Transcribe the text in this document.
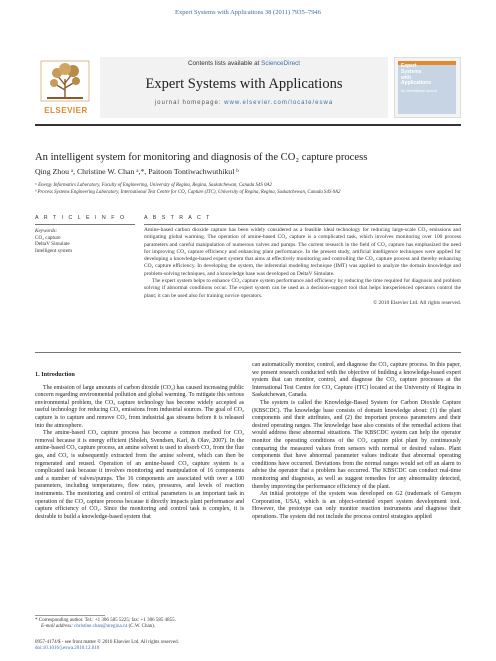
Expert Systems with Applications 38 (2011) 7935–7946
ELSEVIER
Contents lists available at ScienceDirect
Expert Systems with Applications
journal homepage: www.elsevier.com/locate/eswa
Expert
Systems
with
Applications
An International Journal
An intelligent system for monitoring and diagnosis of the CO₂ capture process
Qing Zhou ᵃ, Christine W. Chan ᵃ,*, Paitoon Tontiwachwuthikul ᵇ
ᵃ Energy Informatics Laboratory, Faculty of Engineering, University of Regina, Regina, Saskatchewan, Canada S4S 0A2
ᵇ Process Systems Engineering Laboratory, International Test Centre for CO₂ Capture (ITC), University of Regina, Regina, Saskatchewan, Canada S4S 0A2
A R T I C L E I N F O
Keywords:
CO₂ capture
DeltaV Simulate
Intelligent system
A B S T R A C T

Amine-based carbon dioxide capture has been widely considered as a feasible ideal technology for reducing large-scale CO₂ emissions and mitigating global warming. The operation of amine-based CO₂ capture is a complicated task, which involves monitoring over 100 process parameters and careful manipulation of numerous valves and pumps. The current research in the field of CO₂ capture has emphasized the need for improving CO₂ capture efficiency and enhancing plant performance. In the present study, artificial intelligence techniques were applied for developing a knowledge-based expert system that aims at effectively monitoring and controlling the CO₂ capture process and thereby enhancing CO₂ capture efficiency. In developing the system, the inferential modeling technique (IMT) was applied to analyze the domain knowledge and problem-solving techniques, and a knowledge base was developed on DeltaV Simulate.

The expert system helps to enhance CO₂ capture system performance and efficiency by reducing the time required for diagnosis and problem solving if abnormal conditions occur. The expert system can be used as a decision-support tool that helps inexperienced operators control the plant; it can be used also for training novice operators.

© 2010 Elsevier Ltd. All rights reserved.
1. Introduction

The emission of large amounts of carbon dioxide (CO₂) has caused increasing public concern regarding environmental pollution and global warming. To mitigate this serious environmental problem, the CO₂ capture technology has become widely accepted as useful technology for reducing CO₂ emissions from industrial sources. The goal of CO₂ capture is to capture and remove CO₂ from industrial gas streams before it is released into the atmosphere.

The amine-based CO₂ capture process has become a common method for CO₂ removal because it is energy efficient (Sholeh, Svendsen, Karl, & Olav, 2007). In the amine-based CO₂ capture process, an amine solvent is used to absorb CO₂ from the flue gas, and CO₂ is subsequently extracted from the amine solvent, which can then be regenerated and reused. Operation of an amine-based CO₂ capture system is a complicated task because it involves monitoring and manipulation of 16 components and a number of valves/pumps. The 16 components are associated with over a 100 parameters, including temperatures, flow rates, pressures, and levels of reaction instruments. The monitoring and control of critical parameters is an important task in operation of the CO₂ capture process because it directly impacts plant performance and capture efficiency of CO₂. Since the monitoring and control task is complex, it is desirable to build a knowledge-based system that

can automatically monitor, control, and diagnose the CO₂ capture process. In this paper, we present research conducted with the objective of building a knowledge-based expert system that can monitor, control, and diagnose the CO₂ capture processes at the International Test Centre for CO₂ Capture (ITC) located at the University of Regina in Saskatchewan, Canada.

The system is called the Knowledge-Based System for Carbon Dioxide Capture (KBSCDC). The knowledge base consists of domain knowledge about: (1) the plant components and their attributes, and (2) the important process parameters and their desired operating ranges. The knowledge base also consists of the remedial actions that would address these abnormal situations. The KBSCDC system can help the operator monitor the operating conditions of the CO₂ capture pilot plant by continuously comparing the measured values from sensors with normal or desired values. Plant components that have abnormal parameter values indicate that abnormal operating conditions have occurred. Deviations from the normal ranges would set off an alarm to advise the operator that a problem has occurred. The KBSCDC can conduct real-time monitoring and diagnosis, as well as suggest remedies for any abnormality detected, thereby improving the performance efficiency of the plant.

An initial prototype of the system was developed on G2 (trademark of Gensym Corporation, USA), which is an object-oriented expert system development tool. However, the prototype can only monitor reaction instruments and diagnose their operations. The system did not include the process control strategies applied

* Corresponding author. Tel.: +1 306 585 5225; fax: +1 306 585 4855.
E-mail address: christine.chan@uregina.ca (C.W. Chan).
0957-4174/$ - see front matter © 2010 Elsevier Ltd. All rights reserved.
doi:10.1016/j.eswa.2010.12.010
